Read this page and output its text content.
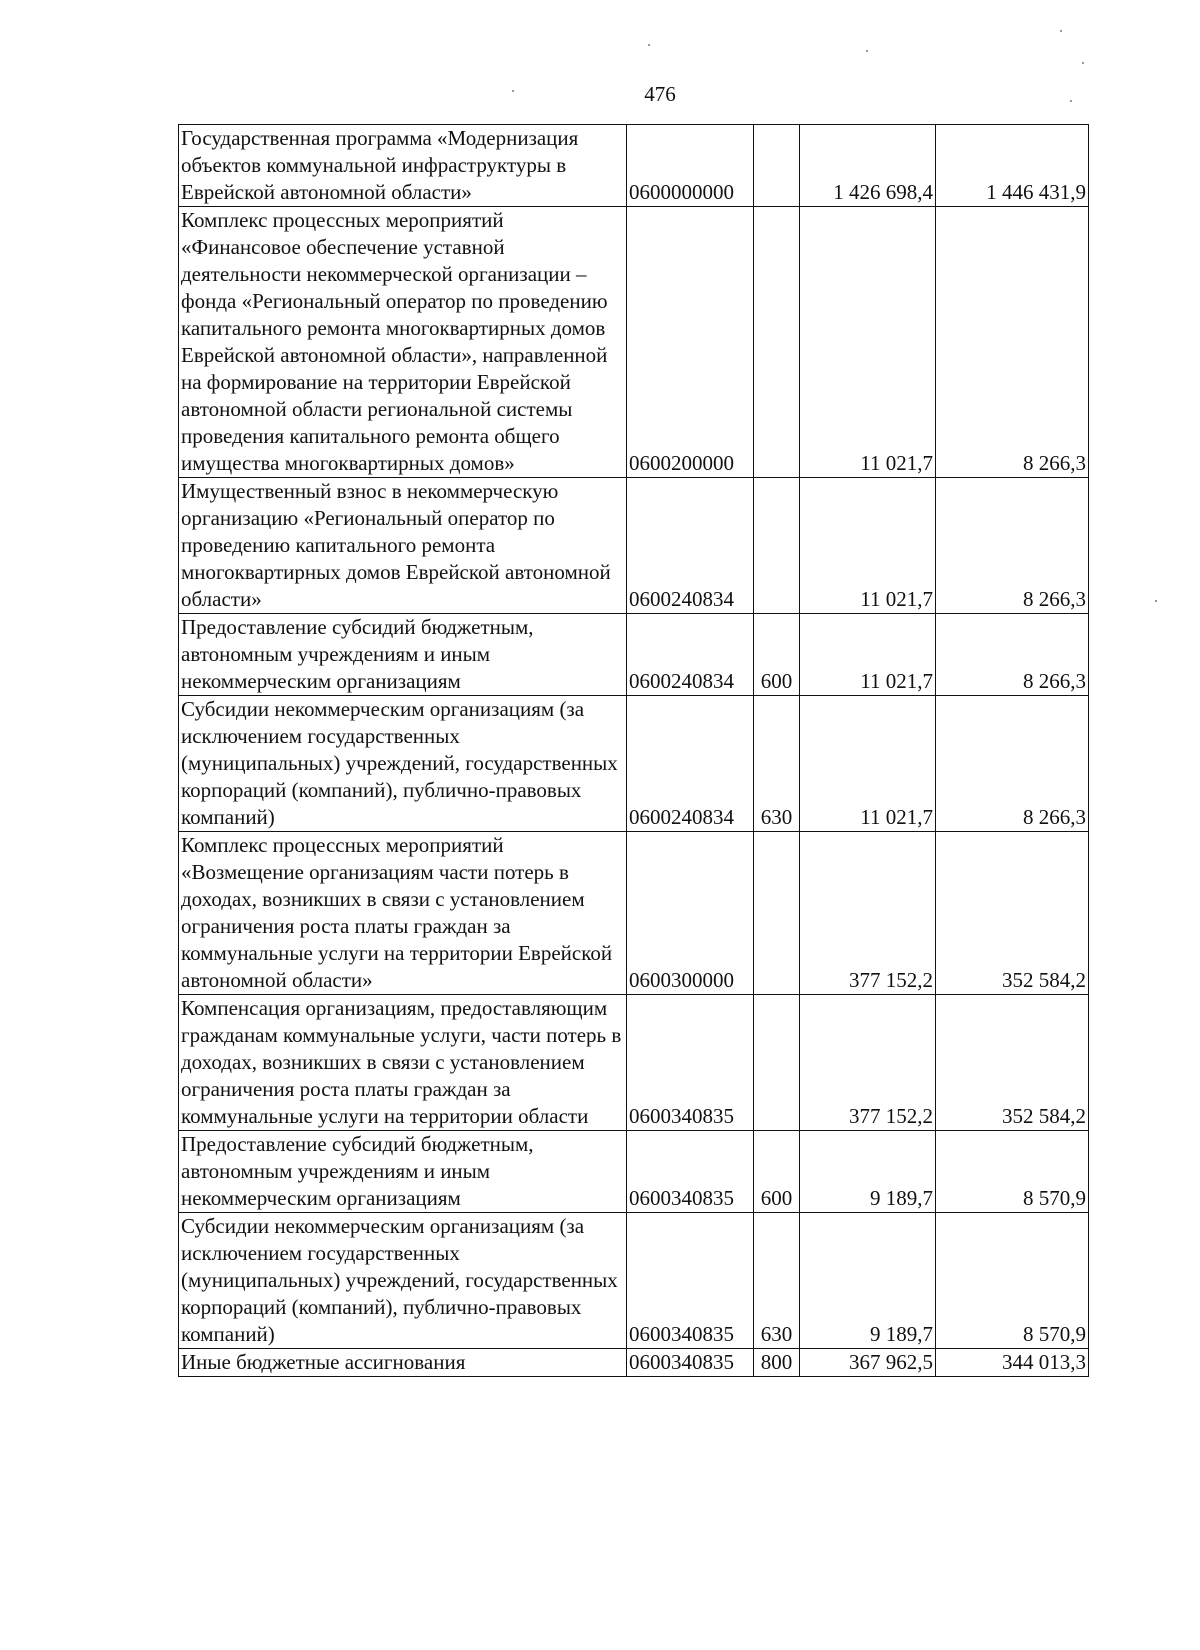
476
Государственная программа «Модернизация объектов коммунальной инфраструктуры в Еврейской автономной области»	0600000000		1 426 698,4	1 446 431,9
Комплекс процессных мероприятий «Финансовое обеспечение уставной деятельности некоммерческой организации – фонда «Региональный оператор по проведению капитального ремонта многоквартирных домов Еврейской автономной области», направленной на формирование на территории Еврейской автономной области региональной системы проведения капитального ремонта общего имущества многоквартирных домов»	0600200000		11 021,7	8 266,3
Имущественный взнос в некоммерческую организацию «Региональный оператор по проведению капитального ремонта многоквартирных домов Еврейской автономной области»	0600240834		11 021,7	8 266,3
Предоставление субсидий бюджетным, автономным учреждениям и иным некоммерческим организациям	0600240834	600	11 021,7	8 266,3
Субсидии некоммерческим организациям (за исключением государственных (муниципальных) учреждений, государственных корпораций (компаний), публично-правовых компаний)	0600240834	630	11 021,7	8 266,3
Комплекс процессных мероприятий «Возмещение организациям части потерь в доходах, возникших в связи с установлением ограничения роста платы граждан за коммунальные услуги на территории Еврейской автономной области»	0600300000		377 152,2	352 584,2
Компенсация организациям, предоставляющим гражданам коммунальные услуги, части потерь в доходах, возникших в связи с установлением ограничения роста платы граждан за коммунальные услуги на территории области	0600340835		377 152,2	352 584,2
Предоставление субсидий бюджетным, автономным учреждениям и иным некоммерческим организациям	0600340835	600	9 189,7	8 570,9
Субсидии некоммерческим организациям (за исключением государственных (муниципальных) учреждений, государственных корпораций (компаний), публично-правовых компаний)	0600340835	630	9 189,7	8 570,9
Иные бюджетные ассигнования	0600340835	800	367 962,5	344 013,3
